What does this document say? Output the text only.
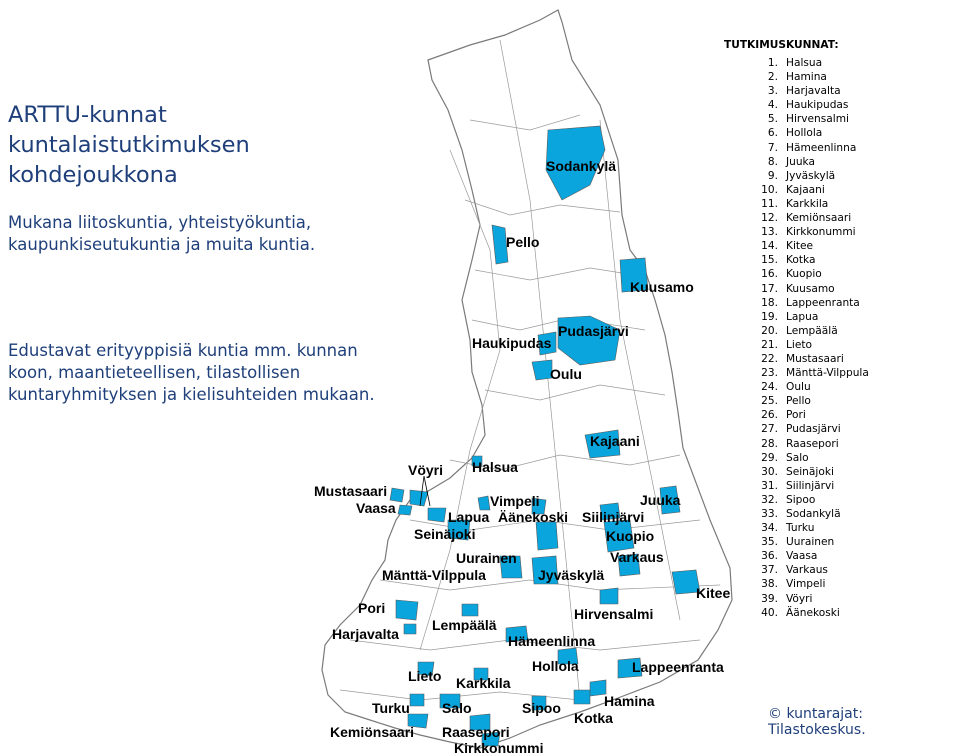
ARTTU-kunnat kuntalaistutkimuksen kohdejoukkona
Mukana liitoskuntia, yhteistyökuntia, kaupunkiseutukuntia ja muita kuntia.
Edustavat erityyppisiä kuntia mm. kunnan koon, maantieteellisen, tilastollisen kuntaryhmityksen ja kielisuhteiden mukaan.
Sodankylä
Pello
Kuusamo
Pudasjärvi
Haukipudas
Oulu
Kajaani
Halsua
Vöyri
Mustasaari
Vaasa	Vimpeli	Juuka
Lapua Äänekoski Siilinjärvi
Seinäjoki	Kuopio
Uurainen	Varkaus
Mänttä-Vilppula	Jyväskylä
Kitee
Hirvensalmi
Pori
Lempäälä
Harjavalta	Hämeenlinna
Hollola	Lappeenranta
Lieto Karkkila
Hamina
Turku Salo	Sipoo
Kotka
Kemiönsaari Raasepori
Kirkkonummi
TUTKIMUSKUNNAT:
1. Halsua
2. Hamina
3. Harjavalta
4. Haukipudas
5. Hirvensalmi
6. Hollola
7. Hämeenlinna
8. Juuka
9. Jyväskylä
10. Kajaani
11. Karkkila
12. Kemiönsaari
13. Kirkkonummi
14. Kitee
15. Kotka
16. Kuopio
17. Kuusamo
18. Lappeenranta
19. Lapua
20. Lempäälä
21. Lieto
22. Mustasaari
23. Mänttä-Vilppula
24. Oulu
25. Pello
26. Pori
27. Pudasjärvi
28. Raasepori
29. Salo
30. Seinäjoki
31. Siilinjärvi
32. Sipoo
33. Sodankylä
34. Turku
35. Uurainen
36. Vaasa
37. Varkaus
38. Vimpeli
39. Vöyri
40. Äänekoski
© kuntarajat: Tilastokeskus.
